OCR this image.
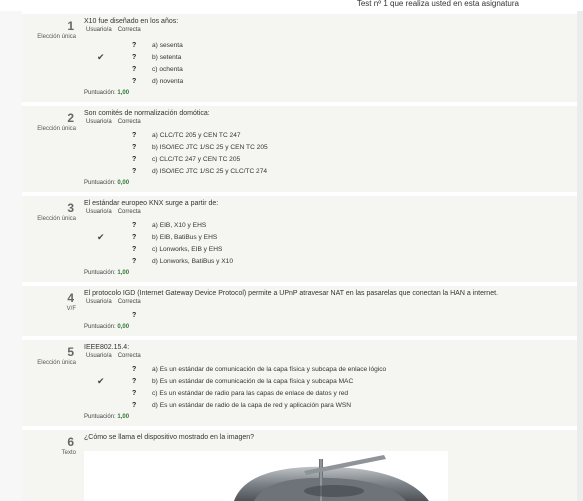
Test nº 1 que realiza usted en esta asignatura
1
Elección única
X10 fue diseñado en los años:
Usuario/a Correcta
? a) sesenta
✔	? b) setenta
? c) ochenta
? d) noventa
Puntuación: 1,00
2
Elección única
Son comités de normalización domótica:
Usuario/a Correcta
? a) CLC/TC 205 y CEN TC 247
? b) ISO/IEC JTC 1/SC 25 y CEN TC 205
? c) CLC/TC 247 y CEN TC 205
? d) ISO/IEC JTC 1/SC 25 y CLC/TC 274
Puntuación: 0,00
3
Elección única
El estándar europeo KNX surge a partir de:
Usuario/a Correcta
? a) EIB, X10 y EHS
✔	? b) EIB, BatiBus y EHS
? c) Lonworks, EIB y EHS
? d) Lonworks, BatiBus y X10
Puntuación: 1,00
4
V/F
El protocolo IGD (Internet Gateway Device Protocol) permite a UPnP atravesar NAT en las pasarelas que conectan la HAN a internet.
Usuario/a Correcta
?
Puntuación: 0,00
5
Elección única
IEEE802.15.4:
Usuario/a Correcta
? a) Es un estándar de comunicación de la capa física y subcapa de enlace lógico
✔	? b) Es un estándar de comunicación de la capa física y subcapa MAC
? c) Es un estándar de radio para las capas de enlace de datos y red
? d) Es un estándar de radio de la capa de red y aplicación para WSN
Puntuación: 1,00
6
Texto
¿Cómo se llama el dispositivo mostrado en la imagen?
